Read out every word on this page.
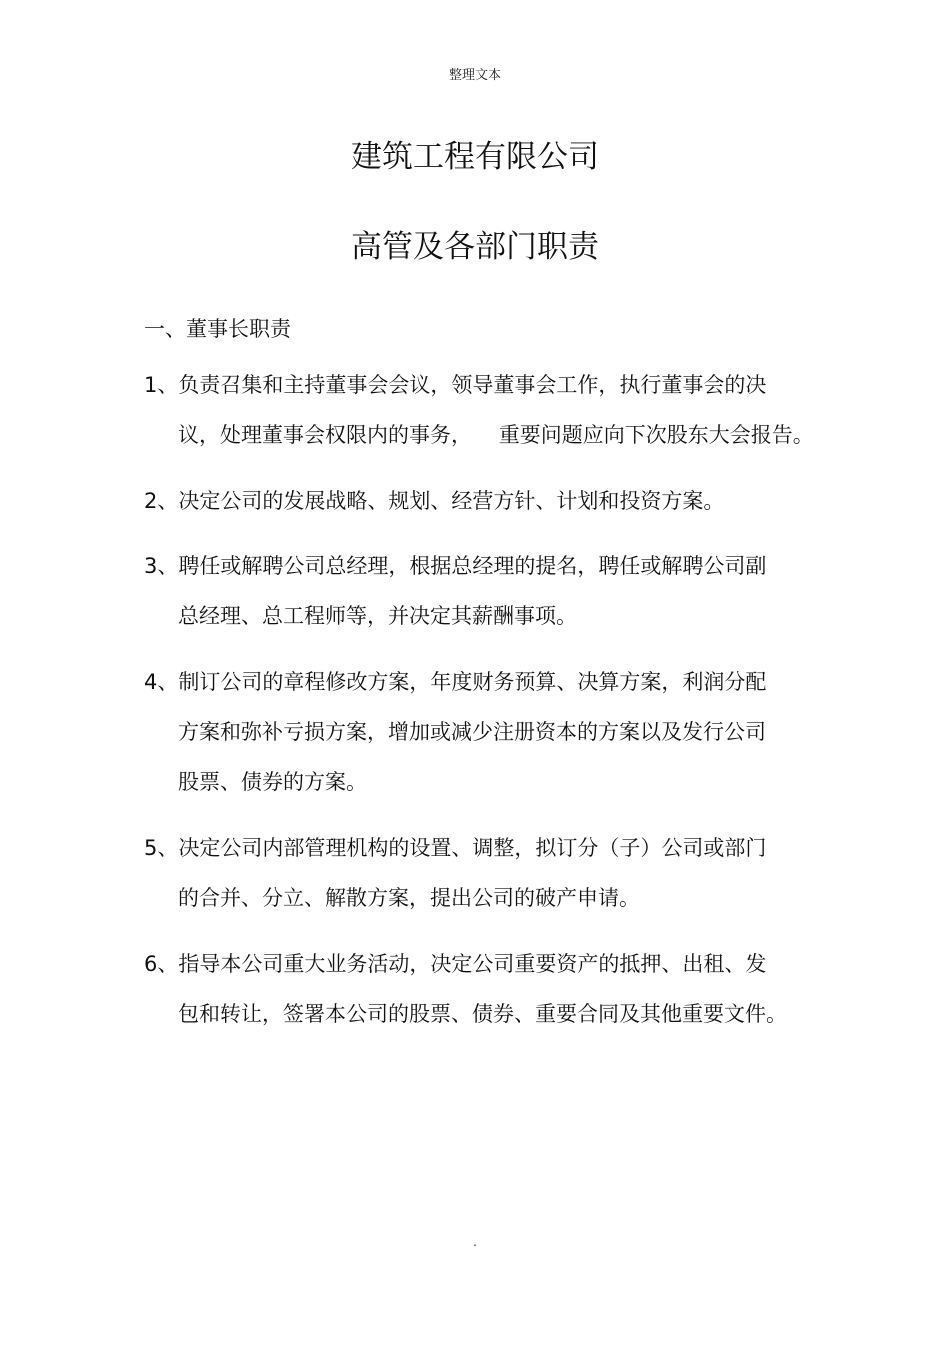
整理文本
建筑工程有限公司
高管及各部门职责
一、董事长职责
1、负责召集和主持董事会会议，领导董事会工作，执行董事会的决
议，处理董事会权限内的事务，    重要问题应向下次股东大会报告。
2、决定公司的发展战略、规划、经营方针、计划和投资方案。
3、聘任或解聘公司总经理，根据总经理的提名，聘任或解聘公司副
总经理、总工程师等，并决定其薪酬事项。
4、制订公司的章程修改方案，年度财务预算、决算方案，利润分配
方案和弥补亏损方案，增加或减少注册资本的方案以及发行公司
股票、债券的方案。
5、决定公司内部管理机构的设置、调整，拟订分（子）公司或部门
的合并、分立、解散方案，提出公司的破产申请。
6、指导本公司重大业务活动，决定公司重要资产的抵押、出租、发
包和转让，签署本公司的股票、债券、重要合同及其他重要文件。
.
